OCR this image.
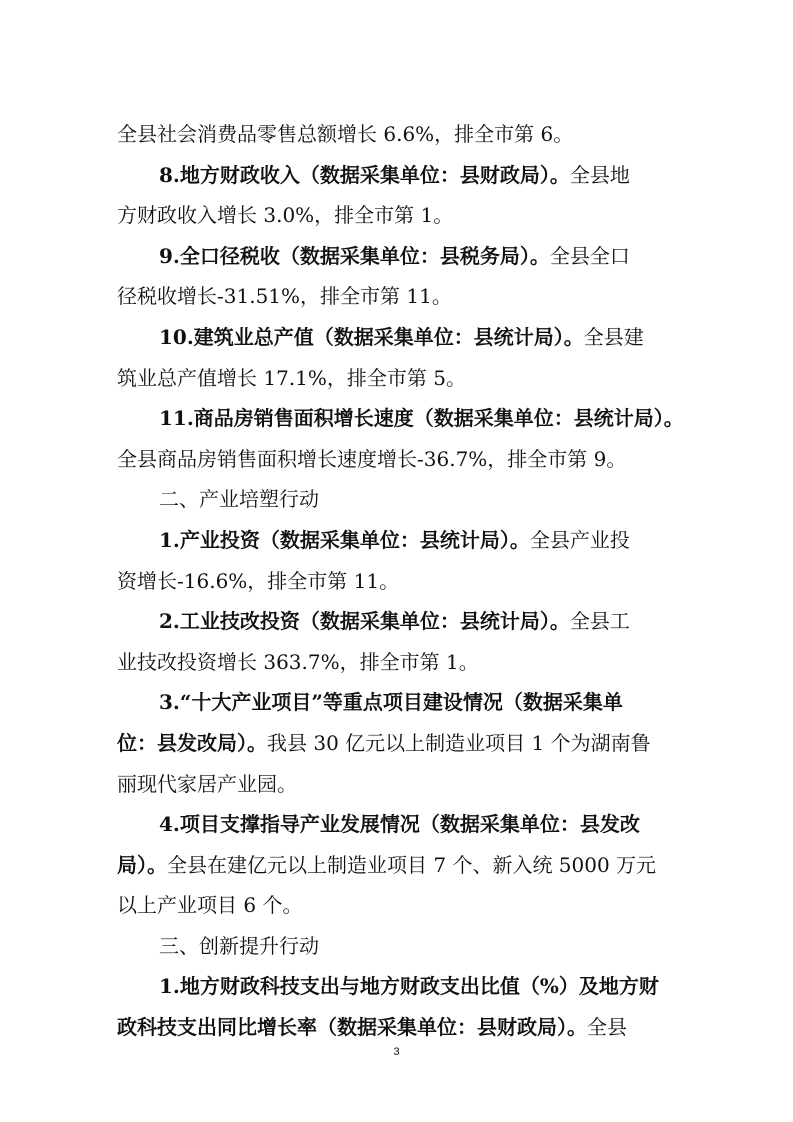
全县社会消费品零售总额增长 6.6%，排全市第 6。
8.地方财政收入（数据采集单位：县财政局）。全县地
方财政收入增长 3.0%，排全市第 1。
9.全口径税收（数据采集单位：县税务局）。全县全口
径税收增长-31.51%，排全市第 11。
10.建筑业总产值（数据采集单位：县统计局）。全县建
筑业总产值增长 17.1%，排全市第 5。
11.商品房销售面积增长速度（数据采集单位：县统计局）。
全县商品房销售面积增长速度增长-36.7%，排全市第 9。
二、产业培塑行动
1.产业投资（数据采集单位：县统计局）。全县产业投
资增长-16.6%，排全市第 11。
2.工业技改投资（数据采集单位：县统计局）。全县工
业技改投资增长 363.7%，排全市第 1。
3.“十大产业项目”等重点项目建设情况（数据采集单
位：县发改局）。我县 30 亿元以上制造业项目 1 个为湖南鲁
丽现代家居产业园。
4.项目支撑指导产业发展情况（数据采集单位：县发改
局）。全县在建亿元以上制造业项目 7 个、新入统 5000 万元
以上产业项目 6 个。
三、创新提升行动
1.地方财政科技支出与地方财政支出比值（%）及地方财
政科技支出同比增长率（数据采集单位：县财政局）。全县
3
